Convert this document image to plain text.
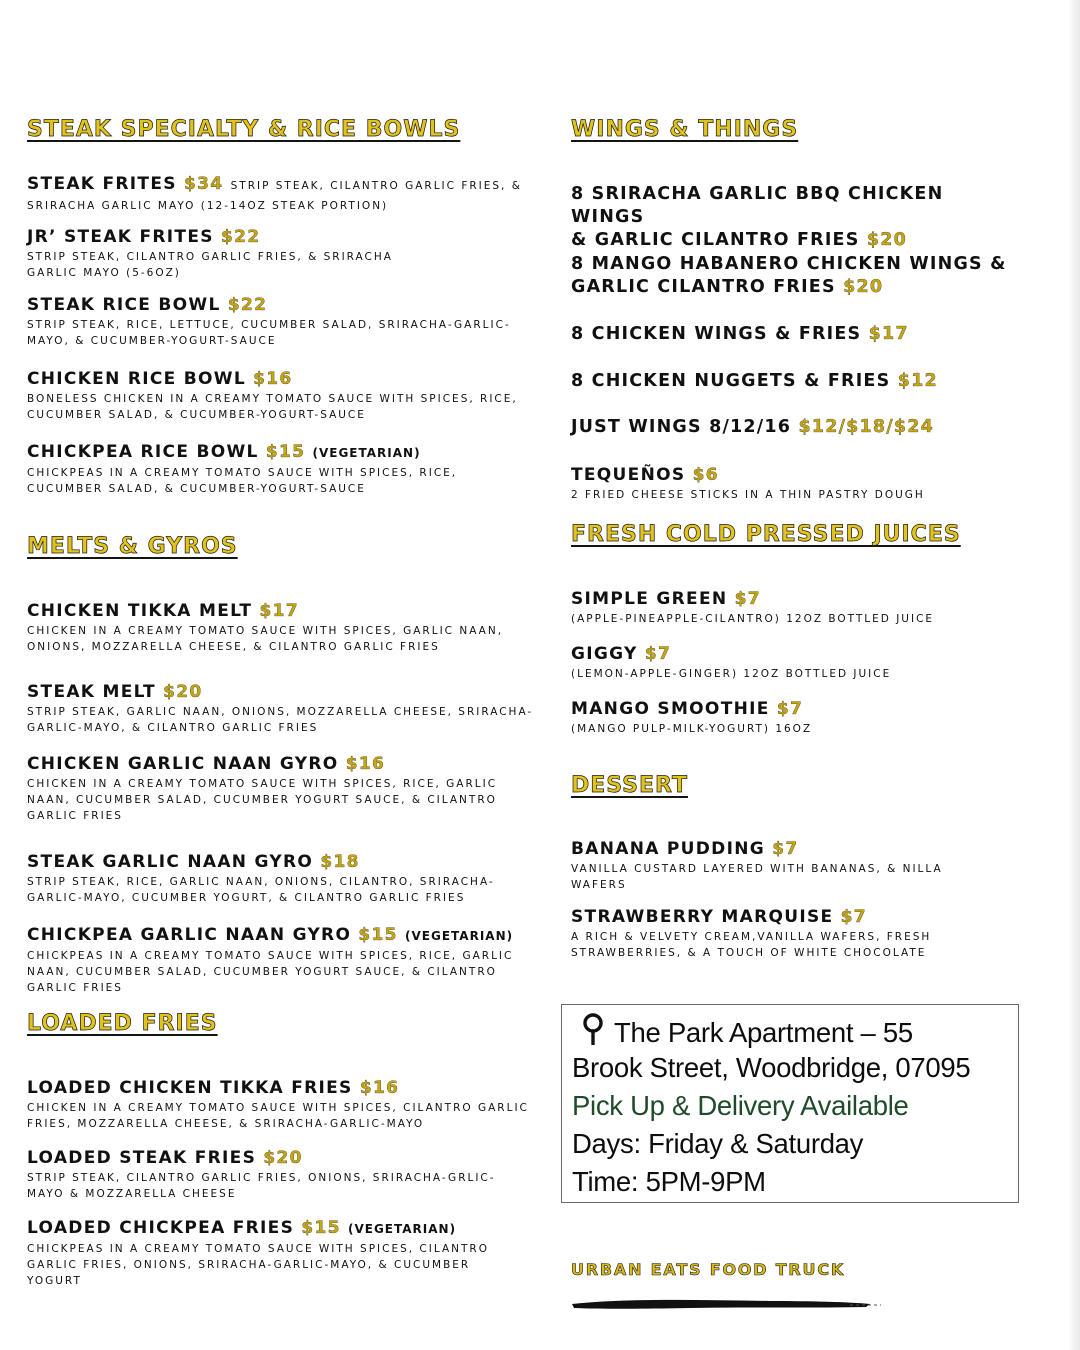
STEAK SPECIALTY & RICE BOWLS
STEAK FRITES $34 STRIP STEAK, CILANTRO GARLIC FRIES, &
SRIRACHA GARLIC MAYO (12-14OZ STEAK PORTION)
JR’ STEAK FRITES $22
STRIP STEAK, CILANTRO GARLIC FRIES, & SRIRACHA
GARLIC MAYO (5-6OZ)
STEAK RICE BOWL $22
STRIP STEAK, RICE, LETTUCE, CUCUMBER SALAD, SRIRACHA-GARLIC-
MAYO, & CUCUMBER-YOGURT-SAUCE
CHICKEN RICE BOWL $16
BONELESS CHICKEN IN A CREAMY TOMATO SAUCE WITH SPICES, RICE,
CUCUMBER SALAD, & CUCUMBER-YOGURT-SAUCE
CHICKPEA RICE BOWL $15 (VEGETARIAN)
CHICKPEAS IN A CREAMY TOMATO SAUCE WITH SPICES, RICE,
CUCUMBER SALAD, & CUCUMBER-YOGURT-SAUCE
MELTS & GYROS
CHICKEN TIKKA MELT $17
CHICKEN IN A CREAMY TOMATO SAUCE WITH SPICES, GARLIC NAAN,
ONIONS, MOZZARELLA CHEESE, & CILANTRO GARLIC FRIES
STEAK MELT $20
STRIP STEAK, GARLIC NAAN, ONIONS, MOZZARELLA CHEESE, SRIRACHA-
GARLIC-MAYO, & CILANTRO GARLIC FRIES
CHICKEN GARLIC NAAN GYRO $16
CHICKEN IN A CREAMY TOMATO SAUCE WITH SPICES, RICE, GARLIC
NAAN, CUCUMBER SALAD, CUCUMBER YOGURT SAUCE, & CILANTRO
GARLIC FRIES
STEAK GARLIC NAAN GYRO $18
STRIP STEAK, RICE, GARLIC NAAN, ONIONS, CILANTRO, SRIRACHA-
GARLIC-MAYO, CUCUMBER YOGURT, & CILANTRO GARLIC FRIES
CHICKPEA GARLIC NAAN GYRO $15 (VEGETARIAN)
CHICKPEAS IN A CREAMY TOMATO SAUCE WITH SPICES, RICE, GARLIC
NAAN, CUCUMBER SALAD, CUCUMBER YOGURT SAUCE, & CILANTRO
GARLIC FRIES
LOADED FRIES
LOADED CHICKEN TIKKA FRIES $16
CHICKEN IN A CREAMY TOMATO SAUCE WITH SPICES, CILANTRO GARLIC
FRIES, MOZZARELLA CHEESE, & SRIRACHA-GARLIC-MAYO
LOADED STEAK FRIES $20
STRIP STEAK, CILANTRO GARLIC FRIES, ONIONS, SRIRACHA-GRLIC-
MAYO & MOZZARELLA CHEESE
LOADED CHICKPEA FRIES $15 (VEGETARIAN)
CHICKPEAS IN A CREAMY TOMATO SAUCE WITH SPICES, CILANTRO
GARLIC FRIES, ONIONS, SRIRACHA-GARLIC-MAYO, & CUCUMBER
YOGURT
WINGS & THINGS
8 SRIRACHA GARLIC BBQ CHICKEN WINGS
& GARLIC CILANTRO FRIES $20
8 MANGO HABANERO CHICKEN WINGS &
GARLIC CILANTRO FRIES $20
8 CHICKEN WINGS & FRIES $17
8 CHICKEN NUGGETS & FRIES $12
JUST WINGS 8/12/16 $12/$18/$24
TEQUEÑOS $6
2 FRIED CHEESE STICKS IN A THIN PASTRY DOUGH
FRESH COLD PRESSED JUICES
SIMPLE GREEN $7
(APPLE-PINEAPPLE-CILANTRO) 12OZ BOTTLED JUICE
GIGGY $7
(LEMON-APPLE-GINGER) 12OZ BOTTLED JUICE
MANGO SMOOTHIE $7
(MANGO PULP-MILK-YOGURT) 16OZ
DESSERT
BANANA PUDDING $7
VANILLA CUSTARD LAYERED WITH BANANAS, & NILLA
WAFERS
STRAWBERRY MARQUISE $7
A RICH & VELVETY CREAM,VANILLA WAFERS, FRESH
STRAWBERRIES, & A TOUCH OF WHITE CHOCOLATE
The Park Apartment – 55
Brook Street, Woodbridge, 07095
Pick Up & Delivery Available
Days: Friday & Saturday
Time: 5PM-9PM
URBAN EATS FOOD TRUCK
